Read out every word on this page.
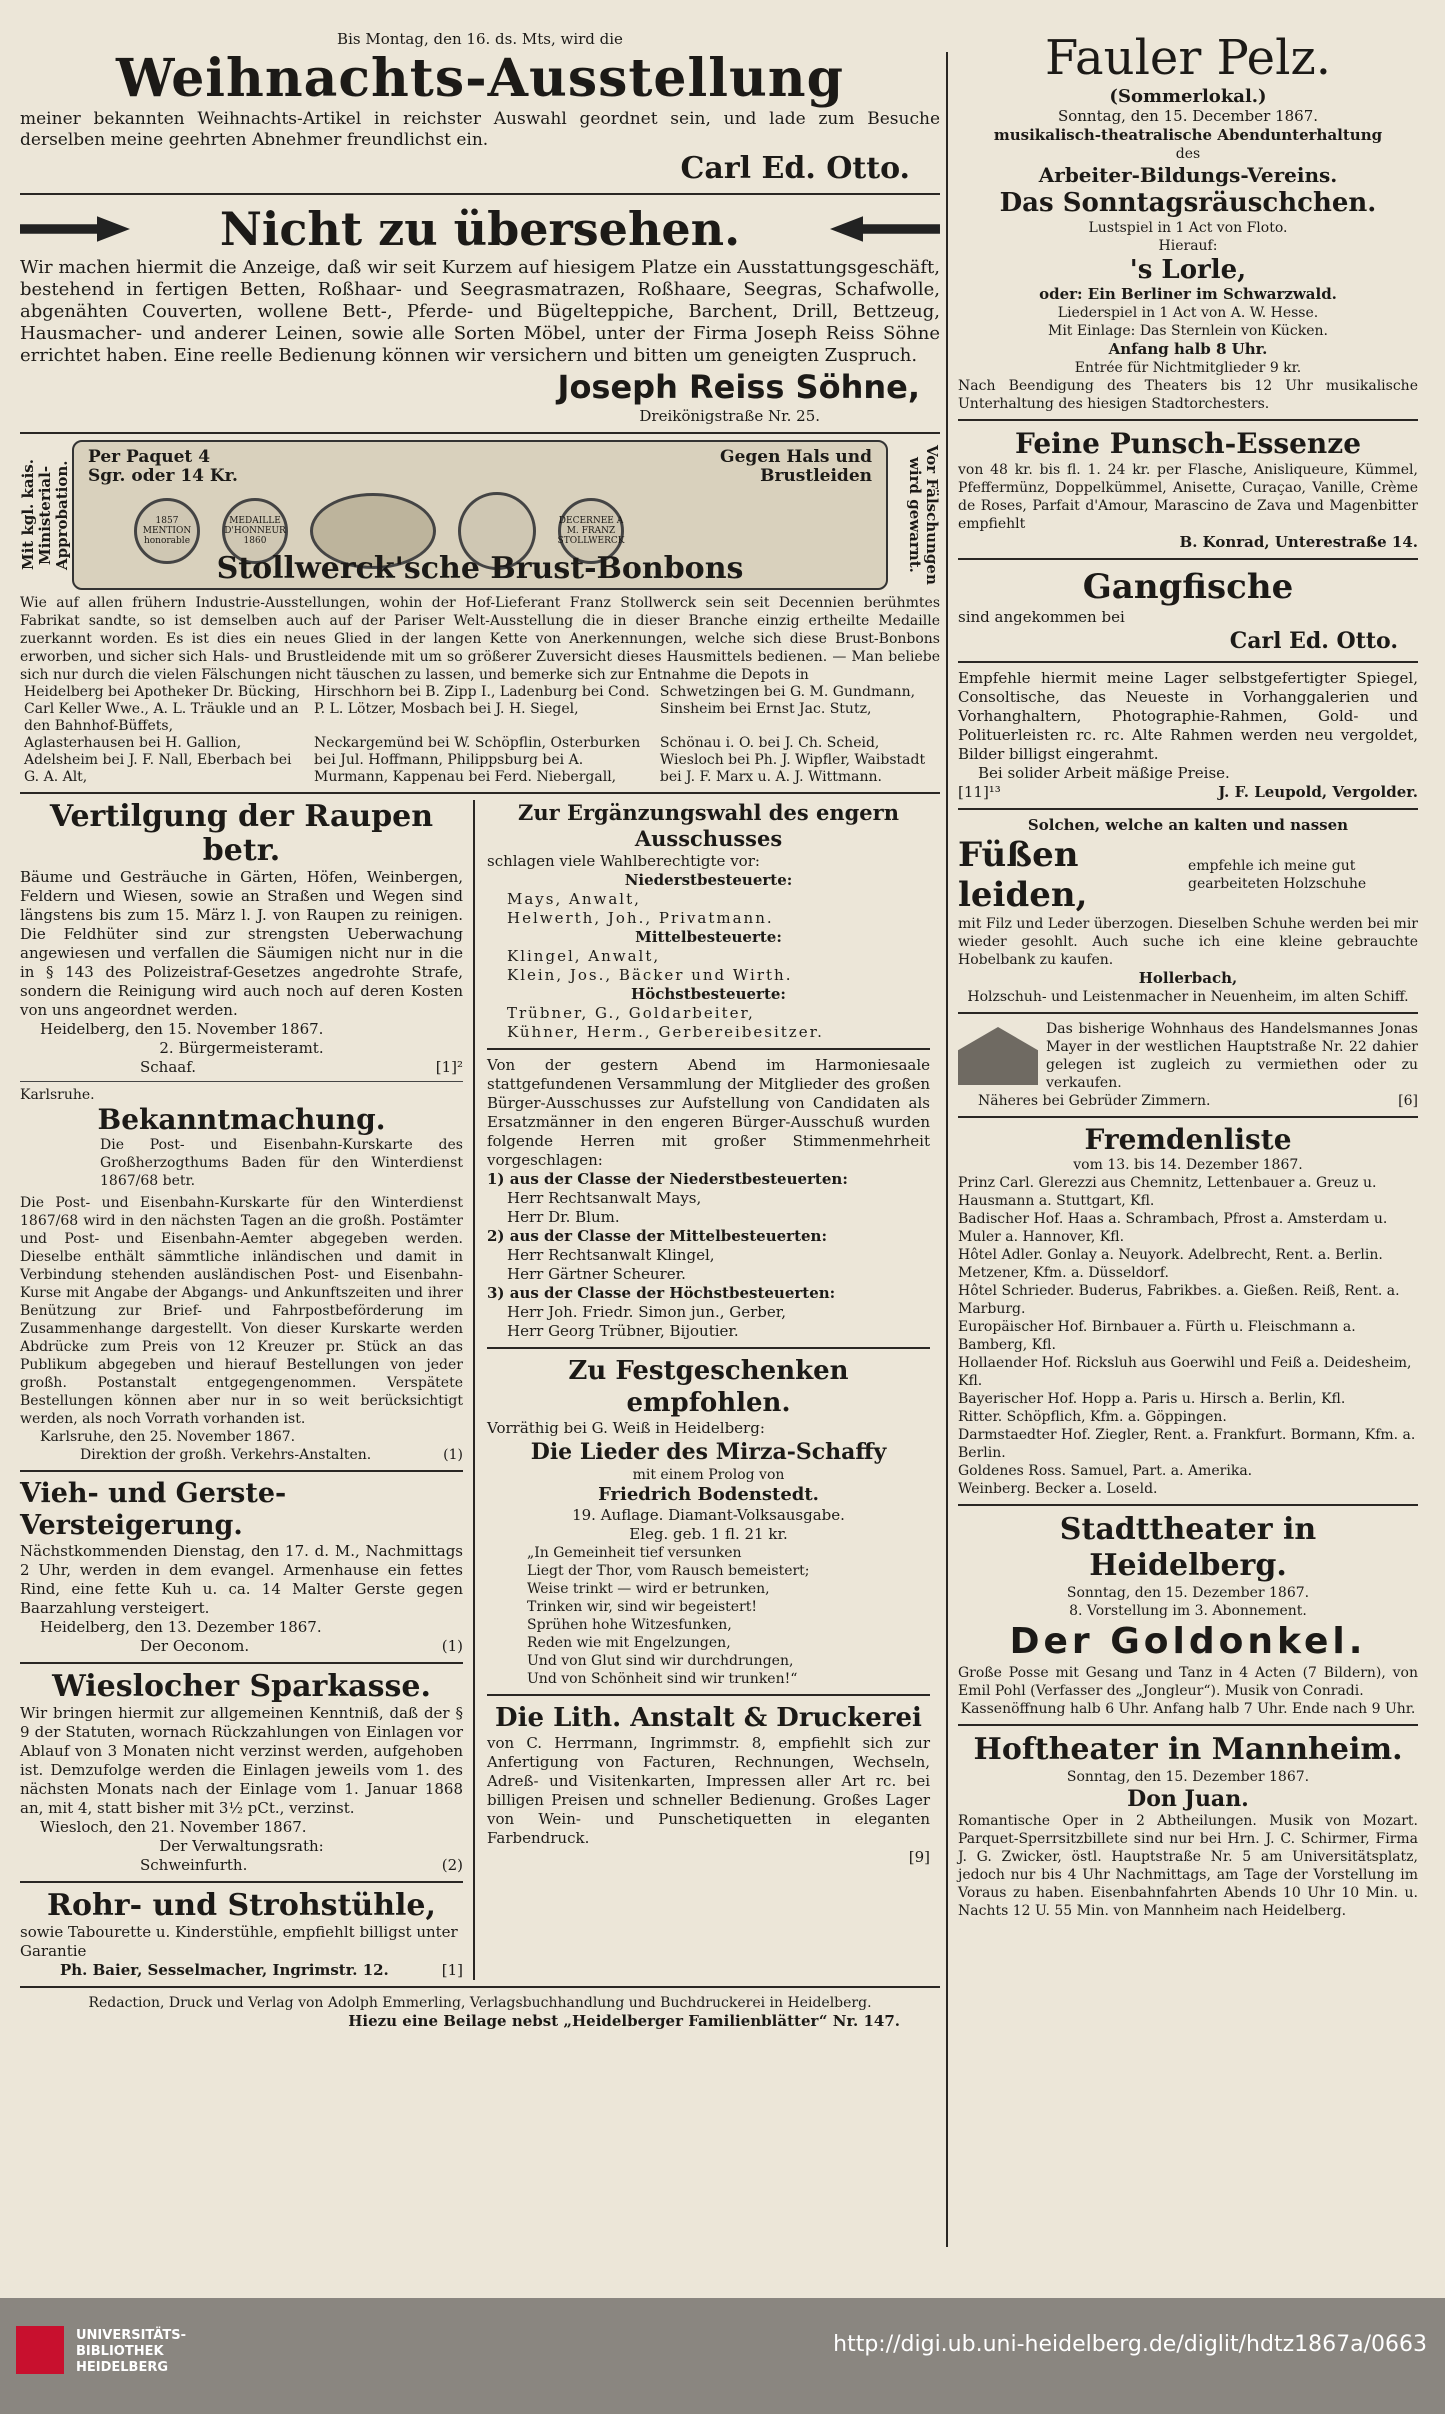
Bis Montag, den 16. ds. Mts, wird die

Weihnachts-Ausstellung

meiner bekannten Weihnachts-Artikel in reichster Auswahl geordnet sein, und lade zum Besuche derselben meine geehrten Abnehmer freundlichst ein.

Carl Ed. Otto.

Nicht zu übersehen.

Wir machen hiermit die Anzeige, daß wir seit Kurzem auf hiesigem Platze ein Ausstattungsgeschäft, bestehend in fertigen Betten, Roßhaar- und Seegrasmatrazen, Roßhaare, Seegras, Schafwolle, abgenähten Couverten, wollene Bett-, Pferde- und Bügelteppiche, Barchent, Drill, Bettzeug, Hausmacher- und anderer Leinen, sowie alle Sorten Möbel, unter der Firma Joseph Reiss Söhne errichtet haben. Eine reelle Bedienung können wir versichern und bitten um geneigten Zuspruch.

Joseph Reiss Söhne,

Dreikönigstraße Nr. 25.

Mit kgl. kais. Ministerial-Approbation.

Per Paquet 4 Sgr. oder 14 Kr.

Gegen Hals und Brustleiden

1857 MENTION honorable
MEDAILLE D'HONNEUR 1860
DECERNEE A M. FRANZ STOLLWERCK

Stollwerck'sche Brust-Bonbons	Vor Fälschungen wird gewarnt.

Wie auf allen frühern Industrie-Ausstellungen, wohin der Hof-Lieferant Franz Stollwerck sein seit Decennien berühmtes Fabrikat sandte, so ist demselben auch auf der Pariser Welt-Ausstellung die in dieser Branche einzig ertheilte Medaille zuerkannt worden. Es ist dies ein neues Glied in der langen Kette von Anerkennungen, welche sich diese Brust-Bonbons erworben, und sicher sich Hals- und Brustleidende mit um so größerer Zuversicht dieses Hausmittels bedienen. — Man beliebe sich nur durch die vielen Fälschungen nicht täuschen zu lassen, und bemerke sich zur Entnahme die Depots in

Heidelberg bei Apotheker Dr. Bücking, Carl Keller Wwe., A. L. Träukle und an den Bahnhof-Büffets,	Hirschhorn bei B. Zipp I., Ladenburg bei Cond. P. L. Lötzer, Mosbach bei J. H. Siegel,	Schwetzingen bei G. M. Gundmann, Sinsheim bei Ernst Jac. Stutz,
Aglasterhausen bei H. Gallion, Adelsheim bei J. F. Nall, Eberbach bei G. A. Alt,	Neckargemünd bei W. Schöpflin, Osterburken bei Jul. Hoffmann, Philippsburg bei A. Murmann, Kappenau bei Ferd. Niebergall,	Schönau i. O. bei J. Ch. Scheid, Wiesloch bei Ph. J. Wipfler, Waibstadt bei J. F. Marx u. A. J. Wittmann.

Vertilgung der Raupen betr.

Bäume und Gesträuche in Gärten, Höfen, Weinbergen, Feldern und Wiesen, sowie an Straßen und Wegen sind längstens bis zum 15. März l. J. von Raupen zu reinigen. Die Feldhüter sind zur strengsten Ueberwachung angewiesen und verfallen die Säumigen nicht nur in die in § 143 des Polizeistraf-Gesetzes angedrohte Strafe, sondern die Reinigung wird auch noch auf deren Kosten von uns angeordnet werden.

Heidelberg, den 15. November 1867.

2. Bürgermeisteramt.

Schaaf.	[1]²

Karlsruhe.

Bekanntmachung.

Die Post- und Eisenbahn-Kurskarte des Großherzogthums Baden für den Winterdienst 1867/68 betr.

Die Post- und Eisenbahn-Kurskarte für den Winterdienst 1867/68 wird in den nächsten Tagen an die großh. Postämter und Post- und Eisenbahn-Aemter abgegeben werden. Dieselbe enthält sämmtliche inländischen und damit in Verbindung stehenden ausländischen Post- und Eisenbahn-Kurse mit Angabe der Abgangs- und Ankunftszeiten und ihrer Benützung zur Brief- und Fahrpostbeförderung im Zusammenhange dargestellt. Von dieser Kurskarte werden Abdrücke zum Preis von 12 Kreuzer pr. Stück an das Publikum abgegeben und hierauf Bestellungen von jeder großh. Postanstalt entgegengenommen. Verspätete Bestellungen können aber nur in so weit berücksichtigt werden, als noch Vorrath vorhanden ist.

Karlsruhe, den 25. November 1867.

Direktion der großh. Verkehrs-Anstalten.	(1)

Vieh- und Gerste-Versteigerung.

Nächstkommenden Dienstag, den 17. d. M., Nachmittags 2 Uhr, werden in dem evangel. Armenhause ein fettes Rind, eine fette Kuh u. ca. 14 Malter Gerste gegen Baarzahlung versteigert.

Heidelberg, den 13. Dezember 1867.

Der Oeconom.	(1)

Wieslocher Sparkasse.

Wir bringen hiermit zur allgemeinen Kenntniß, daß der § 9 der Statuten, wornach Rückzahlungen von Einlagen vor Ablauf von 3 Monaten nicht verzinst werden, aufgehoben ist. Demzufolge werden die Einlagen jeweils vom 1. des nächsten Monats nach der Einlage vom 1. Januar 1868 an, mit 4, statt bisher mit 3½ pCt., verzinst.

Wiesloch, den 21. November 1867.

Der Verwaltungsrath:

Schweinfurth.	(2)

Rohr- und Strohstühle,

sowie Tabourette u. Kinderstühle, empfiehlt billigst unter Garantie

Ph. Baier, Sesselmacher, Ingrimstr. 12.	[1]

Zur Ergänzungswahl des engern Ausschusses

schlagen viele Wahlberechtigte vor:

Niederstbesteuerte:

Mays, Anwalt,

Helwerth, Joh., Privatmann.

Mittelbesteuerte:

Klingel, Anwalt,

Klein, Jos., Bäcker und Wirth.

Höchstbesteuerte:

Trübner, G., Goldarbeiter,

Kühner, Herm., Gerbereibesitzer.

Von der gestern Abend im Harmoniesaale stattgefundenen Versammlung der Mitglieder des großen Bürger-Ausschusses zur Aufstellung von Candidaten als Ersatzmänner in den engeren Bürger-Ausschuß wurden folgende Herren mit großer Stimmenmehrheit vorgeschlagen:

1) aus der Classe der Niederstbesteuerten:

Herr Rechtsanwalt Mays,

Herr Dr. Blum.

2) aus der Classe der Mittelbesteuerten:

Herr Rechtsanwalt Klingel,

Herr Gärtner Scheurer.

3) aus der Classe der Höchstbesteuerten:

Herr Joh. Friedr. Simon jun., Gerber,

Herr Georg Trübner, Bijoutier.

Zu Festgeschenken empfohlen.

Vorräthig bei G. Weiß in Heidelberg:

Die Lieder des Mirza-Schaffy

mit einem Prolog von

Friedrich Bodenstedt.

19. Auflage. Diamant-Volksausgabe.

Eleg. geb. 1 fl. 21 kr.

„In Gemeinheit tief versunken

Liegt der Thor, vom Rausch bemeistert;

Weise trinkt — wird er betrunken,

Trinken wir, sind wir begeistert!

Sprühen hohe Witzesfunken,

Reden wie mit Engelzungen,

Und von Glut sind wir durchdrungen,

Und von Schönheit sind wir trunken!“

Die Lith. Anstalt & Druckerei

von C. Herrmann, Ingrimmstr. 8, empfiehlt sich zur Anfertigung von Facturen, Rechnungen, Wechseln, Adreß- und Visitenkarten, Impressen aller Art rc. bei billigen Preisen und schneller Bedienung. Großes Lager von Wein- und Punschetiquetten in eleganten Farbendruck.

[9]

Redaction, Druck und Verlag von Adolph Emmerling, Verlagsbuchhandlung und Buchdruckerei in Heidelberg.

Hiezu eine Beilage nebst „Heidelberger Familienblätter“ Nr. 147.

Fauler Pelz.

(Sommerlokal.)

Sonntag, den 15. December 1867.

musikalisch-theatralische Abendunterhaltung

des

Arbeiter-Bildungs-Vereins.

Das Sonntagsräuschchen.

Lustspiel in 1 Act von Floto.

Hierauf:

's Lorle,

oder: Ein Berliner im Schwarzwald.

Liederspiel in 1 Act von A. W. Hesse.

Mit Einlage: Das Sternlein von Kücken.

Anfang halb 8 Uhr.

Entrée für Nichtmitglieder 9 kr.

Nach Beendigung des Theaters bis 12 Uhr musikalische Unterhaltung des hiesigen Stadtorchesters.

Feine Punsch-Essenze

von 48 kr. bis fl. 1. 24 kr. per Flasche, Anisliqueure, Kümmel, Pfeffermünz, Doppelkümmel, Anisette, Curaçao, Vanille, Crème de Roses, Parfait d'Amour, Marascino de Zava und Magenbitter empfiehlt

B. Konrad, Unterestraße 14.

Gangfische

sind angekommen bei

Carl Ed. Otto.

Empfehle hiermit meine Lager selbstgefertigter Spiegel, Consoltische, das Neueste in Vorhanggalerien und Vorhanghaltern, Photographie-Rahmen, Gold- und Polituerleisten rc. rc. Alte Rahmen werden neu vergoldet, Bilder billigst eingerahmt.

Bei solider Arbeit mäßige Preise.

[11]¹³	J. F. Leupold, Vergolder.

Solchen, welche an kalten und nassen

Füßen leiden,

empfehle ich meine gut gearbeiteten Holzschuhe

mit Filz und Leder überzogen. Dieselben Schuhe werden bei mir wieder gesohlt. Auch suche ich eine kleine gebrauchte Hobelbank zu kaufen.

Hollerbach,

Holzschuh- und Leistenmacher in Neuenheim, im alten Schiff.

Das bisherige Wohnhaus des Handelsmannes Jonas Mayer in der westlichen Hauptstraße Nr. 22 dahier gelegen ist zugleich zu vermiethen oder zu verkaufen.

Näheres bei Gebrüder Zimmern.	[6]

Fremdenliste

vom 13. bis 14. Dezember 1867.

Prinz Carl. Glerezzi aus Chemnitz, Lettenbauer a. Greuz u. Hausmann a. Stuttgart, Kfl.

Badischer Hof. Haas a. Schrambach, Pfrost a. Amsterdam u. Muler a. Hannover, Kfl.

Hôtel Adler. Gonlay a. Neuyork. Adelbrecht, Rent. a. Berlin. Metzener, Kfm. a. Düsseldorf.

Hôtel Schrieder. Buderus, Fabrikbes. a. Gießen. Reiß, Rent. a. Marburg.

Europäischer Hof. Birnbauer a. Fürth u. Fleischmann a. Bamberg, Kfl.

Hollaender Hof. Ricksluh aus Goerwihl und Feiß a. Deidesheim, Kfl.

Bayerischer Hof. Hopp a. Paris u. Hirsch a. Berlin, Kfl.

Ritter. Schöpflich, Kfm. a. Göppingen.

Darmstaedter Hof. Ziegler, Rent. a. Frankfurt. Bormann, Kfm. a. Berlin.

Goldenes Ross. Samuel, Part. a. Amerika.

Weinberg. Becker a. Loseld.

Stadttheater in Heidelberg.

Sonntag, den 15. Dezember 1867.

8. Vorstellung im 3. Abonnement.

Der Goldonkel.

Große Posse mit Gesang und Tanz in 4 Acten (7 Bildern), von Emil Pohl (Verfasser des „Jongleur“). Musik von Conradi.

Kassenöffnung halb 6 Uhr. Anfang halb 7 Uhr. Ende nach 9 Uhr.

Hoftheater in Mannheim.

Sonntag, den 15. Dezember 1867.

Don Juan.

Romantische Oper in 2 Abtheilungen. Musik von Mozart. Parquet-Sperrsitzbillete sind nur bei Hrn. J. C. Schirmer, Firma J. G. Zwicker, östl. Hauptstraße Nr. 5 am Universitätsplatz, jedoch nur bis 4 Uhr Nachmittags, am Tage der Vorstellung im Voraus zu haben. Eisenbahnfahrten Abends 10 Uhr 10 Min. u. Nachts 12 U. 55 Min. von Mannheim nach Heidelberg.

UNIVERSITÄTS-
BIBLIOTHEK
HEIDELBERG
http://digi.ub.uni-heidelberg.de/diglit/hdtz1867a/0663
